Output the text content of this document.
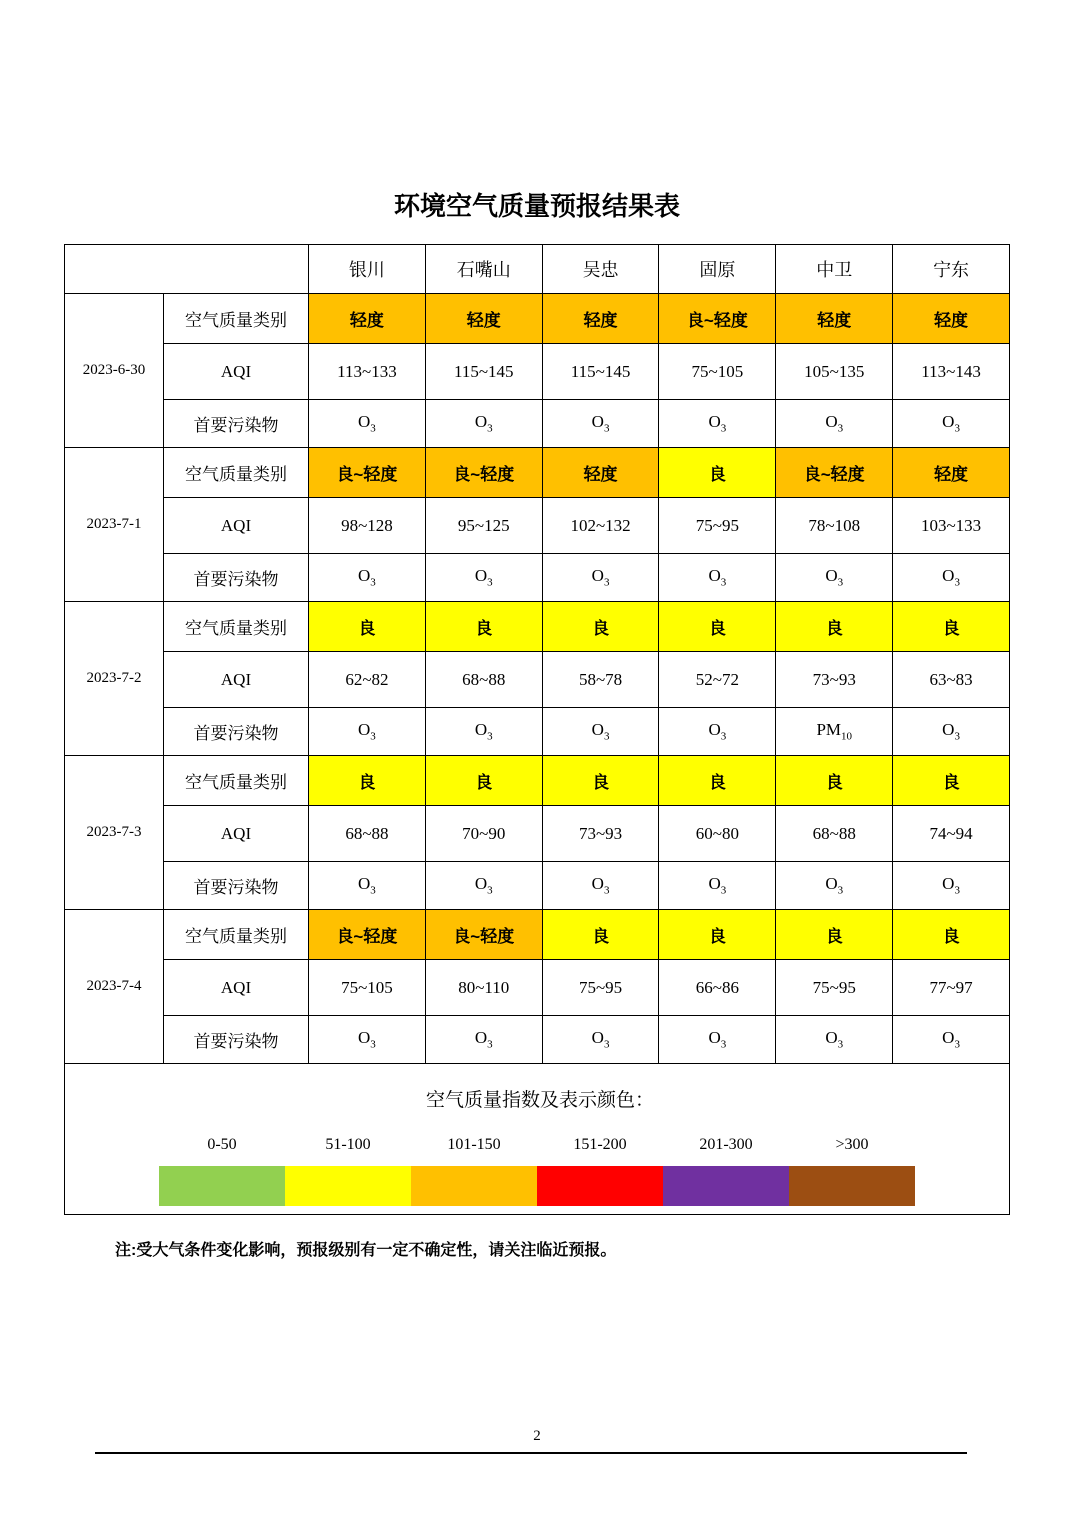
环境空气质量预报结果表
		银川	石嘴山	吴忠	固原	中卫	宁东
2023-6-30	空气质量类别	轻度	轻度	轻度	良~轻度	轻度	轻度
	AQI	113~133	115~145	115~145	75~105	105~135	113~143
	首要污染物	$O_3$	$O_3$	$O_3$	$O_3$	$O_3$	$O_3$
2023-7-1	空气质量类别	良~轻度	良~轻度	轻度	良	良~轻度	轻度
	AQI	98~128	95~125	102~132	75~95	78~108	103~133
	首要污染物	$O_3$	$O_3$	$O_3$	$O_3$	$O_3$	$O_3$
2023-7-2	空气质量类别	良	良	良	良	良	良
	AQI	62~82	68~88	58~78	52~72	73~93	63~83
	首要污染物	$O_3$	$O_3$	$O_3$	$O_3$	$PM_{10}$	$O_3$
2023-7-3	空气质量类别	良	良	良	良	良	良
	AQI	68~88	70~90	73~93	60~80	68~88	74~94
	首要污染物	$O_3$	$O_3$	$O_3$	$O_3$	$O_3$	$O_3$
2023-7-4	空气质量类别	良~轻度	良~轻度	良	良	良	良
	AQI	75~105	80~110	75~95	66~86	75~95	77~97
	首要污染物	$O_3$	$O_3$	$O_3$	$O_3$	$O_3$	$O_3$

空气质量指数及表示颜色：
0-50 51-100 101-150 151-200 201-300 >300							
注:受大气条件变化影响，预报级别有一定不确定性，请关注临近预报。
2
